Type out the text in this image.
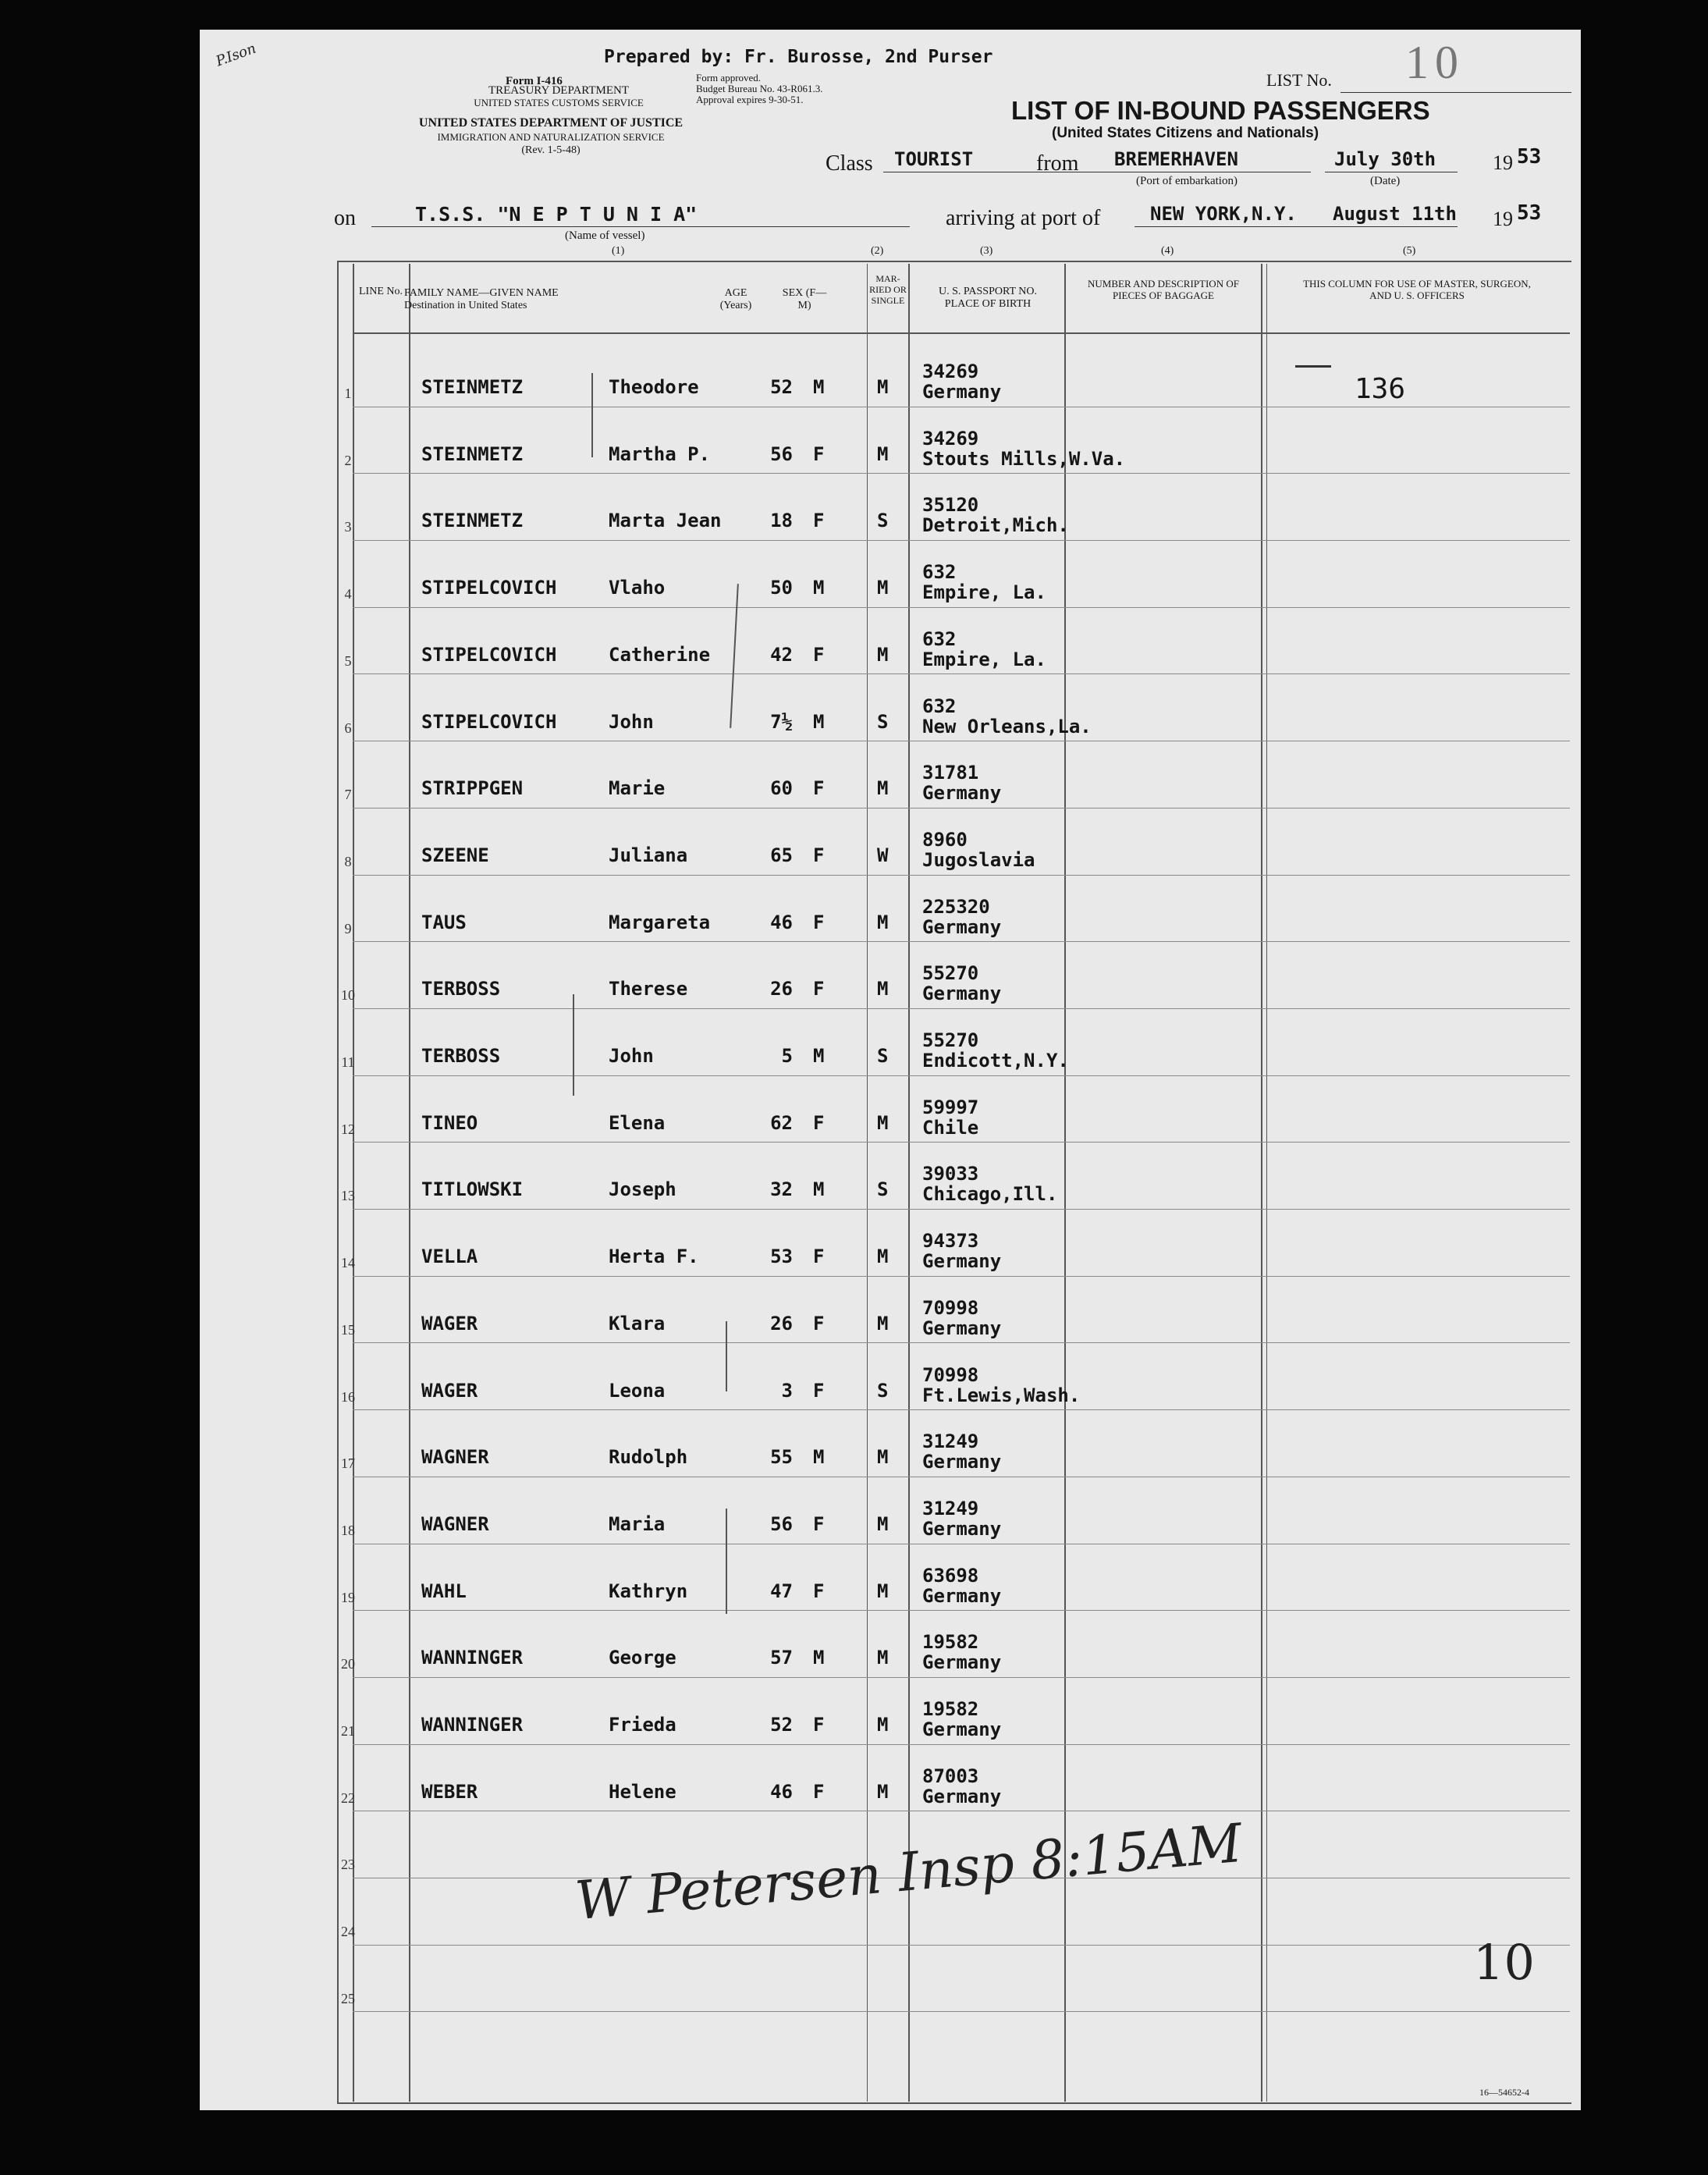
P.Ison
Form I-416
TREASURY DEPARTMENT
UNITED STATES CUSTOMS SERVICE
UNITED STATES DEPARTMENT OF JUSTICE
IMMIGRATION AND NATURALIZATION SERVICE
(Rev. 1-5-48)
Prepared by: Fr. Burosse, 2nd Purser
Form approved.
Budget Bureau No. 43-R061.3.
Approval expires 9-30-51.
LIST No. 10
LIST OF IN-BOUND PASSENGERS
(United States Citizens and Nationals)
Class TOURIST	from BREMERHAVEN
(Port of embarkation)
July 30th
(Date)
19 53
on	T.S.S. "N E P T U N I A"
(Name of vessel)
(1)
arriving at port of	NEW YORK,N.Y. August 11th 19 53
(2)	(3)	(4)	(5)
LINE No. FAMILY NAME—GIVEN NAME Destination in United States
AGE (Years)
SEX (F—M)
MAR-RIED OR SINGLE
U. S. PASSPORT NO. PLACE OF BIRTH
NUMBER AND DESCRIPTION OF PIECES OF BAGGAGE
THIS COLUMN FOR USE OF MASTER, SURGEON, AND U. S. OFFICERS
1	STEINMETZ	Theodore	52 M	M
34269
Germany
2	STEINMETZ	Martha P.	56 F	M
34269
Stouts Mills,W.Va.
3	STEINMETZ	Marta Jean	18 F	S
35120
Detroit,Mich.
4	STIPELCOVICH	Vlaho	50 M	M
632
Empire, La.
5	STIPELCOVICH	Catherine	42 F	M
632
Empire, La.
6	STIPELCOVICH	John	7½ M	S
632
New Orleans,La.
7	STRIPPGEN	Marie	60 F	M
31781
Germany
8	SZEENE	Juliana	65 F	W
8960
Jugoslavia
9	TAUS	Margareta	46 F	M
225320
Germany
10	TERBOSS	Therese	26 F	M
55270
Germany
11	TERBOSS	John	5 M	S
55270
Endicott,N.Y.
12	TINEO	Elena	62 F	M
59997
Chile
13	TITLOWSKI	Joseph	32 M	S
39033
Chicago,Ill.
14	VELLA	Herta F.	53 F	M
94373
Germany
15	WAGER	Klara	26 F	M
70998
Germany
16	WAGER	Leona	3 F	S
70998
Ft.Lewis,Wash.
17	WAGNER	Rudolph	55 M	M
31249
Germany
18	WAGNER	Maria	56 F	M
31249
Germany
19	WAHL	Kathryn	47 F	M
63698
Germany
20	WANNINGER	George	57 M	M
19582
Germany
21	WANNINGER	Frieda	52 F	M
19582
Germany
22	WEBER	Helene	46 F	M
87003
Germany
23
24
25
136
W Petersen Insp 8:15AM
10
16—54652-4
